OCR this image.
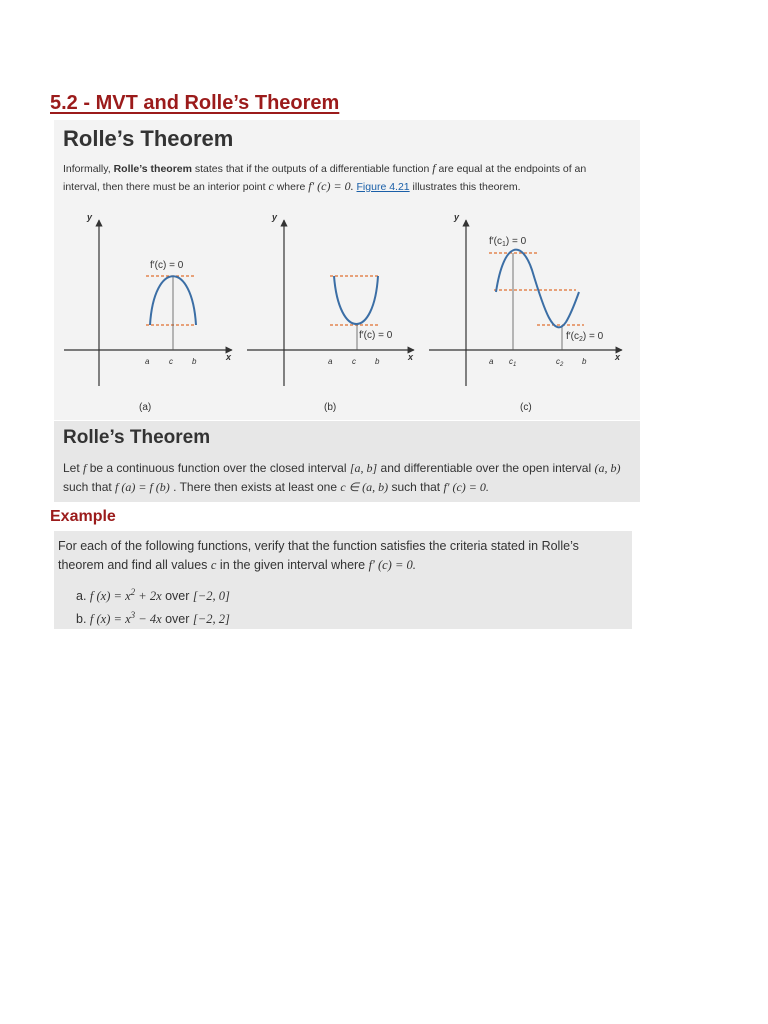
5.2 - MVT and Rolle’s Theorem
Rolle’s Theorem
Informally, Rolle’s theorem states that if the outputs of a differentiable function f are equal at the endpoints of an interval, then there must be an interior point c where f′ (c) = 0. Figure 4.21 illustrates this theorem.
y
x
f′(c) = 0
a c b
(a)
y
x
f′(c) = 0
a c b
(b)
y
x
$f'(c_1) = 0$
$f'(c_2) = 0$
a $c_1$	$c_2$ b
(c)
Rolle’s Theorem
Let f be a continuous function over the closed interval [a, b] and differentiable over the open interval (a, b) such that f (a) = f (b) . There then exists at least one c ∈ (a, b) such that f′ (c) = 0.
Example
For each of the following functions, verify that the function satisfies the criteria stated in Rolle’s theorem and find all values c in the given interval where f′ (c) = 0.
a. f $(x) = x^2 + 2x$ over [−2, 0]
b. f $(x) = x^3 - 4x$ over [−2, 2]
